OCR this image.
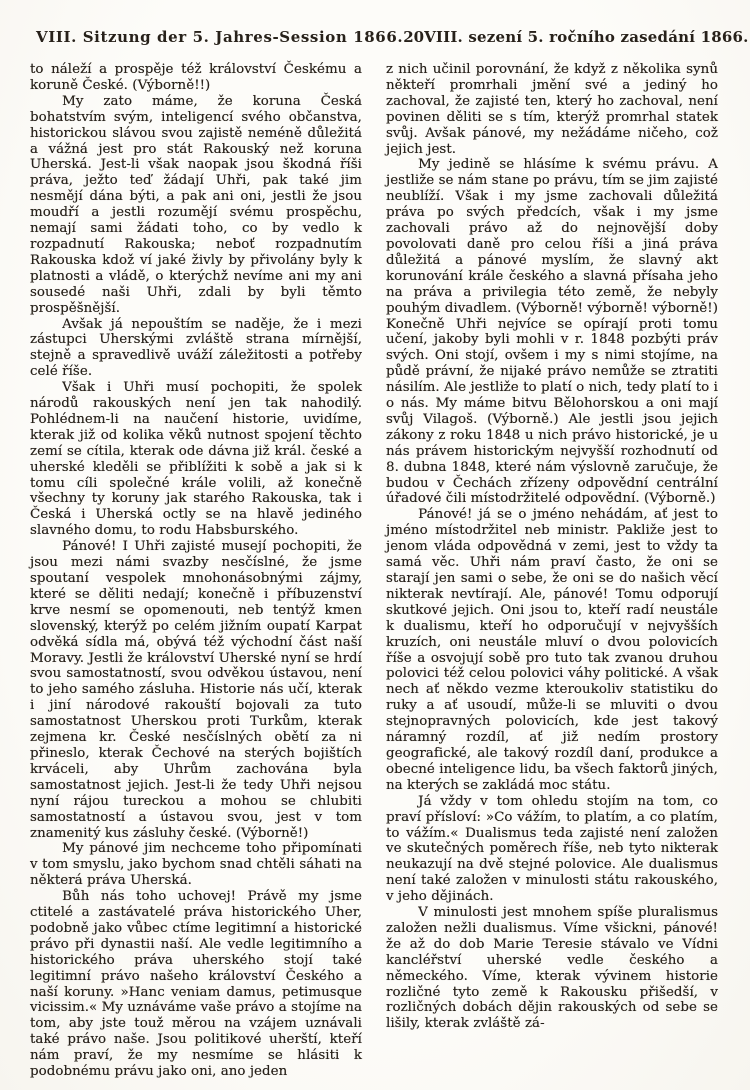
VIII. Sitzung der 5. Jahres-Session 1866. 20 VIII. sezení 5. ročního zasedání 1866.

to náleží a prospěje též království Českému a koruně České. (Výborně!!)

My zato máme, že koruna Česká bohatstvím svým, inteligencí svého občanstva, historickou slávou svou zajistě neméně důležitá a vážná jest pro stát Rakouský než koruna Uherská. Jest-li však naopak jsou škodná říši práva, ježto teď žádají Uhři, pak také jim nesmějí dána býti, a pak ani oni, jestli že jsou moudří a jestli rozumějí svému prospěchu, nemají sami žádati toho, co by vedlo k rozpadnutí Rakouska; neboť rozpadnutím Rakouska kdož ví jaké živly by přivolány byly k platnosti a vládě, o kterýchž nevíme ani my ani sousedé naši Uhři, zdali by byli těmto prospěšnější.

Avšak já nepouštím se naděje, že i mezi zástupci Uherskými zvláště strana mírnější, stejně a spravedlivě uváží záležitosti a potřeby celé říše.

Však i Uhři musí pochopiti, že spolek národů rakouských není jen tak nahodilý. Pohlédnem-li na naučení historie, uvidíme, kterak již od kolika věků nutnost spojení těchto zemí se cítila, kterak ode dávna již král. české a uherské kleděli se přiblížiti k sobě a jak si k tomu cíli společné krále volili, až konečně všechny ty koruny jak starého Rakouska, tak i Česká i Uherská octly se na hlavě jediného slavného domu, to rodu Habsburského.

Pánové! I Uhři zajisté musejí pochopiti, že jsou mezi námi svazby nesčíslné, že jsme spoutaní vespolek mnohonásobnými zájmy, které se děliti nedají; konečně i příbuzenství krve nesmí se opomenouti, neb tentýž kmen slovenský, kterýž po celém jižním oupatí Karpat odvěká sídla má, obývá též východní část naší Moravy. Jestli že království Uherské nyní se hrdí svou samostatností, svou odvěkou ústavou, není to jeho samého zásluha. Historie nás učí, kterak i jiní národové rakouští bojovali za tuto samostatnost Uherskou proti Turkům, kterak zejmena kr. České nesčíslných obětí za ni přineslo, kterak Čechové na sterých bojištích krváceli, aby Uhrům zachována byla samostatnost jejich. Jest-li že tedy Uhři nejsou nyní rájou tureckou a mohou se chlubiti samostatností a ústavou svou, jest v tom znamenitý kus zásluhy české. (Výborně!)

My pánové jim nechceme toho připomínati v tom smyslu, jako bychom snad chtěli sáhati na některá práva Uherská.

Bůh nás toho uchovej! Právě my jsme ctitelé a zastávatelé práva historického Uher, podobně jako vůbec ctíme legitimní a historické právo při dynastii naší. Ale vedle legitimního a historického práva uherského stojí také legitimní právo našeho království Českého a naší koruny. »Hanc veniam damus, petimusque vicissim.« My uznáváme vaše právo a stojíme na tom, aby jste touž měrou na vzájem uznávali také právo naše. Jsou politikové uherští, kteří nám praví, že my nesmíme se hlásiti k podobnému právu jako oni, ano jeden

z nich učinil porovnání, že když z několika synů někteří promrhali jmění své a jediný ho zachoval, že zajisté ten, který ho zachoval, není povinen děliti se s tím, kterýž promrhal statek svůj. Avšak pánové, my nežádáme ničeho, což jejich jest.

My jedině se hlásíme k svému právu. A jestliže se nám stane po právu, tím se jim zajisté neublíží. Však i my jsme zachovali důležitá práva po svých předcích, však i my jsme zachovali právo až do nejnovější doby povolovati daně pro celou říši a jiná práva důležitá a pánové myslím, že slavný akt korunování krále českého a slavná přísaha jeho na práva a privilegia této země, že nebyly pouhým divadlem. (Výborně! výborně! výborně!) Konečně Uhři nejvíce se opírají proti tomu učení, jakoby byli mohli v r. 1848 pozbýti práv svých. Oni stojí, ovšem i my s nimi stojíme, na půdě právní, že nijaké právo nemůže se ztratiti násilím. Ale jestliže to platí o nich, tedy platí to i o nás. My máme bitvu Bělohorskou a oni mají svůj Vilagoš. (Výborně.) Ale jestli jsou jejich zákony z roku 1848 u nich právo historické, je u nás právem historickým nejvyšší rozhodnutí od 8. dubna 1848, které nám výslovně zaručuje, že budou v Čechách zřízeny odpovědní centrální úřadové čili místodržitelé odpovědní. (Výborně.)

Pánové! já se o jméno nehádám, ať jest to jméno místodržitel neb ministr. Pakliže jest to jenom vláda odpovědná v zemi, jest to vždy ta samá věc. Uhři nám praví často, že oni se starají jen sami o sebe, že oni se do našich věcí nikterak nevtírají. Ale, pánové! Tomu odporují skutkové jejich. Oni jsou to, kteří radí neustále k dualismu, kteří ho odporučují v nejvyšších kruzích, oni neustále mluví o dvou polovicích říše a osvojují sobě pro tuto tak zvanou druhou polovici též celou polovici váhy politické. A však nech ať někdo vezme kteroukoliv statistiku do ruky a ať usoudí, může-li se mluviti o dvou stejnopravných polovicích, kde jest takový náramný rozdíl, ať již nedím prostory geografické, ale takový rozdíl daní, produkce a obecné inteligence lidu, ba všech faktorů jiných, na kterých se zakládá moc státu.

Já vždy v tom ohledu stojím na tom, co praví přísloví: »Co vážím, to platím, a co platím, to vážím.« Dualismus teda zajisté není založen ve skutečných poměrech říše, neb tyto nikterak neukazují na dvě stejné polovice. Ale dualismus není také založen v minulosti státu rakouského, v jeho dějinách.

V minulosti jest mnohem spíše pluralismus založen nežli dualismus. Víme všickni, pánové! že až do dob Marie Teresie stávalo ve Vídni kancléřství uherské vedle českého a německého. Víme, kterak vývinem historie rozličné tyto země k Rakousku přišedší, v rozličných dobách dějin rakouských od sebe se lišily, kterak zvláště zá-
